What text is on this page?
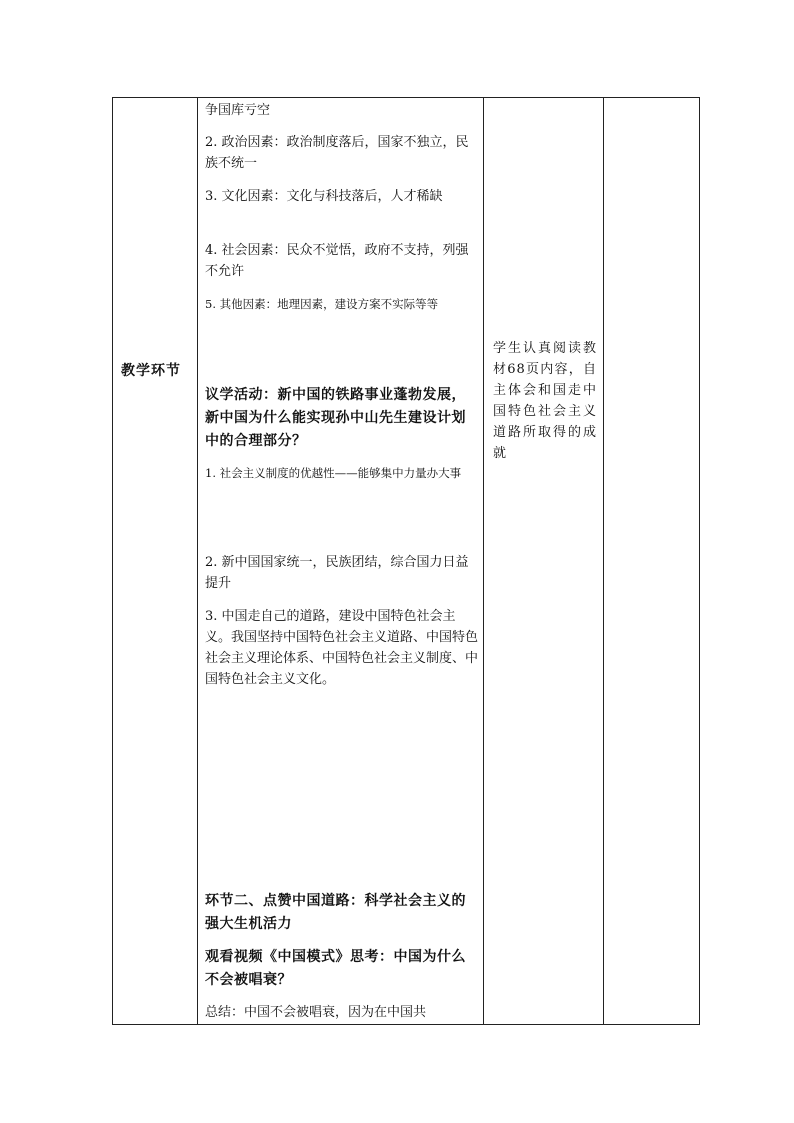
教学环节
争国库亏空
2. 政治因素：政治制度落后，国家不独立，民族不统一
3. 文化因素：文化与科技落后，人才稀缺
4. 社会因素：民众不觉悟，政府不支持，列强不允许
5. 其他因素：地理因素，建设方案不实际等等
议学活动：新中国的铁路事业蓬勃发展，新中国为什么能实现孙中山先生建设计划中的合理部分？
1. 社会主义制度的优越性——能够集中力量办大事
2. 新中国国家统一，民族团结，综合国力日益提升
3. 中国走自己的道路，建设中国特色社会主义。我国坚持中国特色社会主义道路、中国特色社会主义理论体系、中国特色社会主义制度、中国特色社会主义文化。
环节二、点赞中国道路：科学社会主义的强大生机活力
观看视频《中国模式》思考：中国为什么不会被唱衰？
总结：中国不会被唱衰，因为在中国共
学生认真阅读教材68页内容，自主体会和国走中国特色社会主义道路所取得的成就
